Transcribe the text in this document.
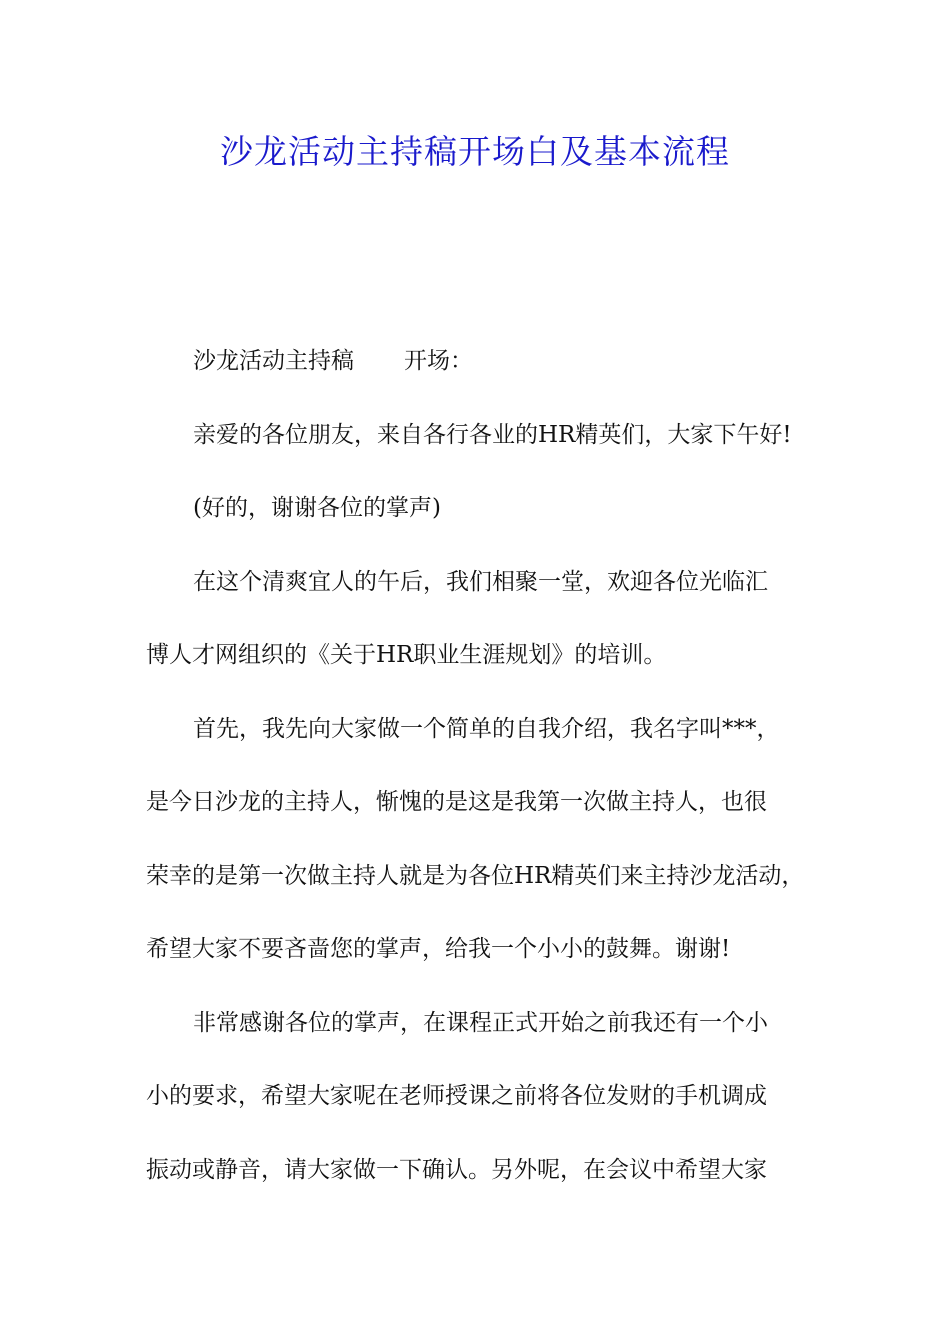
沙龙活动主持稿开场白及基本流程

沙龙活动主持稿 开场：

亲爱的各位朋友，来自各行各业的HR精英们，大家下午好!

(好的，谢谢各位的掌声)

在这个清爽宜人的午后，我们相聚一堂，欢迎各位光临汇

博人才网组织的《关于HR职业生涯规划》的培训。

首先，我先向大家做一个简单的自我介绍，我名字叫***，

是今日沙龙的主持人，惭愧的是这是我第一次做主持人，也很

荣幸的是第一次做主持人就是为各位HR精英们来主持沙龙活动，

希望大家不要吝啬您的掌声，给我一个小小的鼓舞。谢谢!

非常感谢各位的掌声，在课程正式开始之前我还有一个小

小的要求，希望大家呢在老师授课之前将各位发财的手机调成

振动或静音，请大家做一下确认。另外呢，在会议中希望大家
